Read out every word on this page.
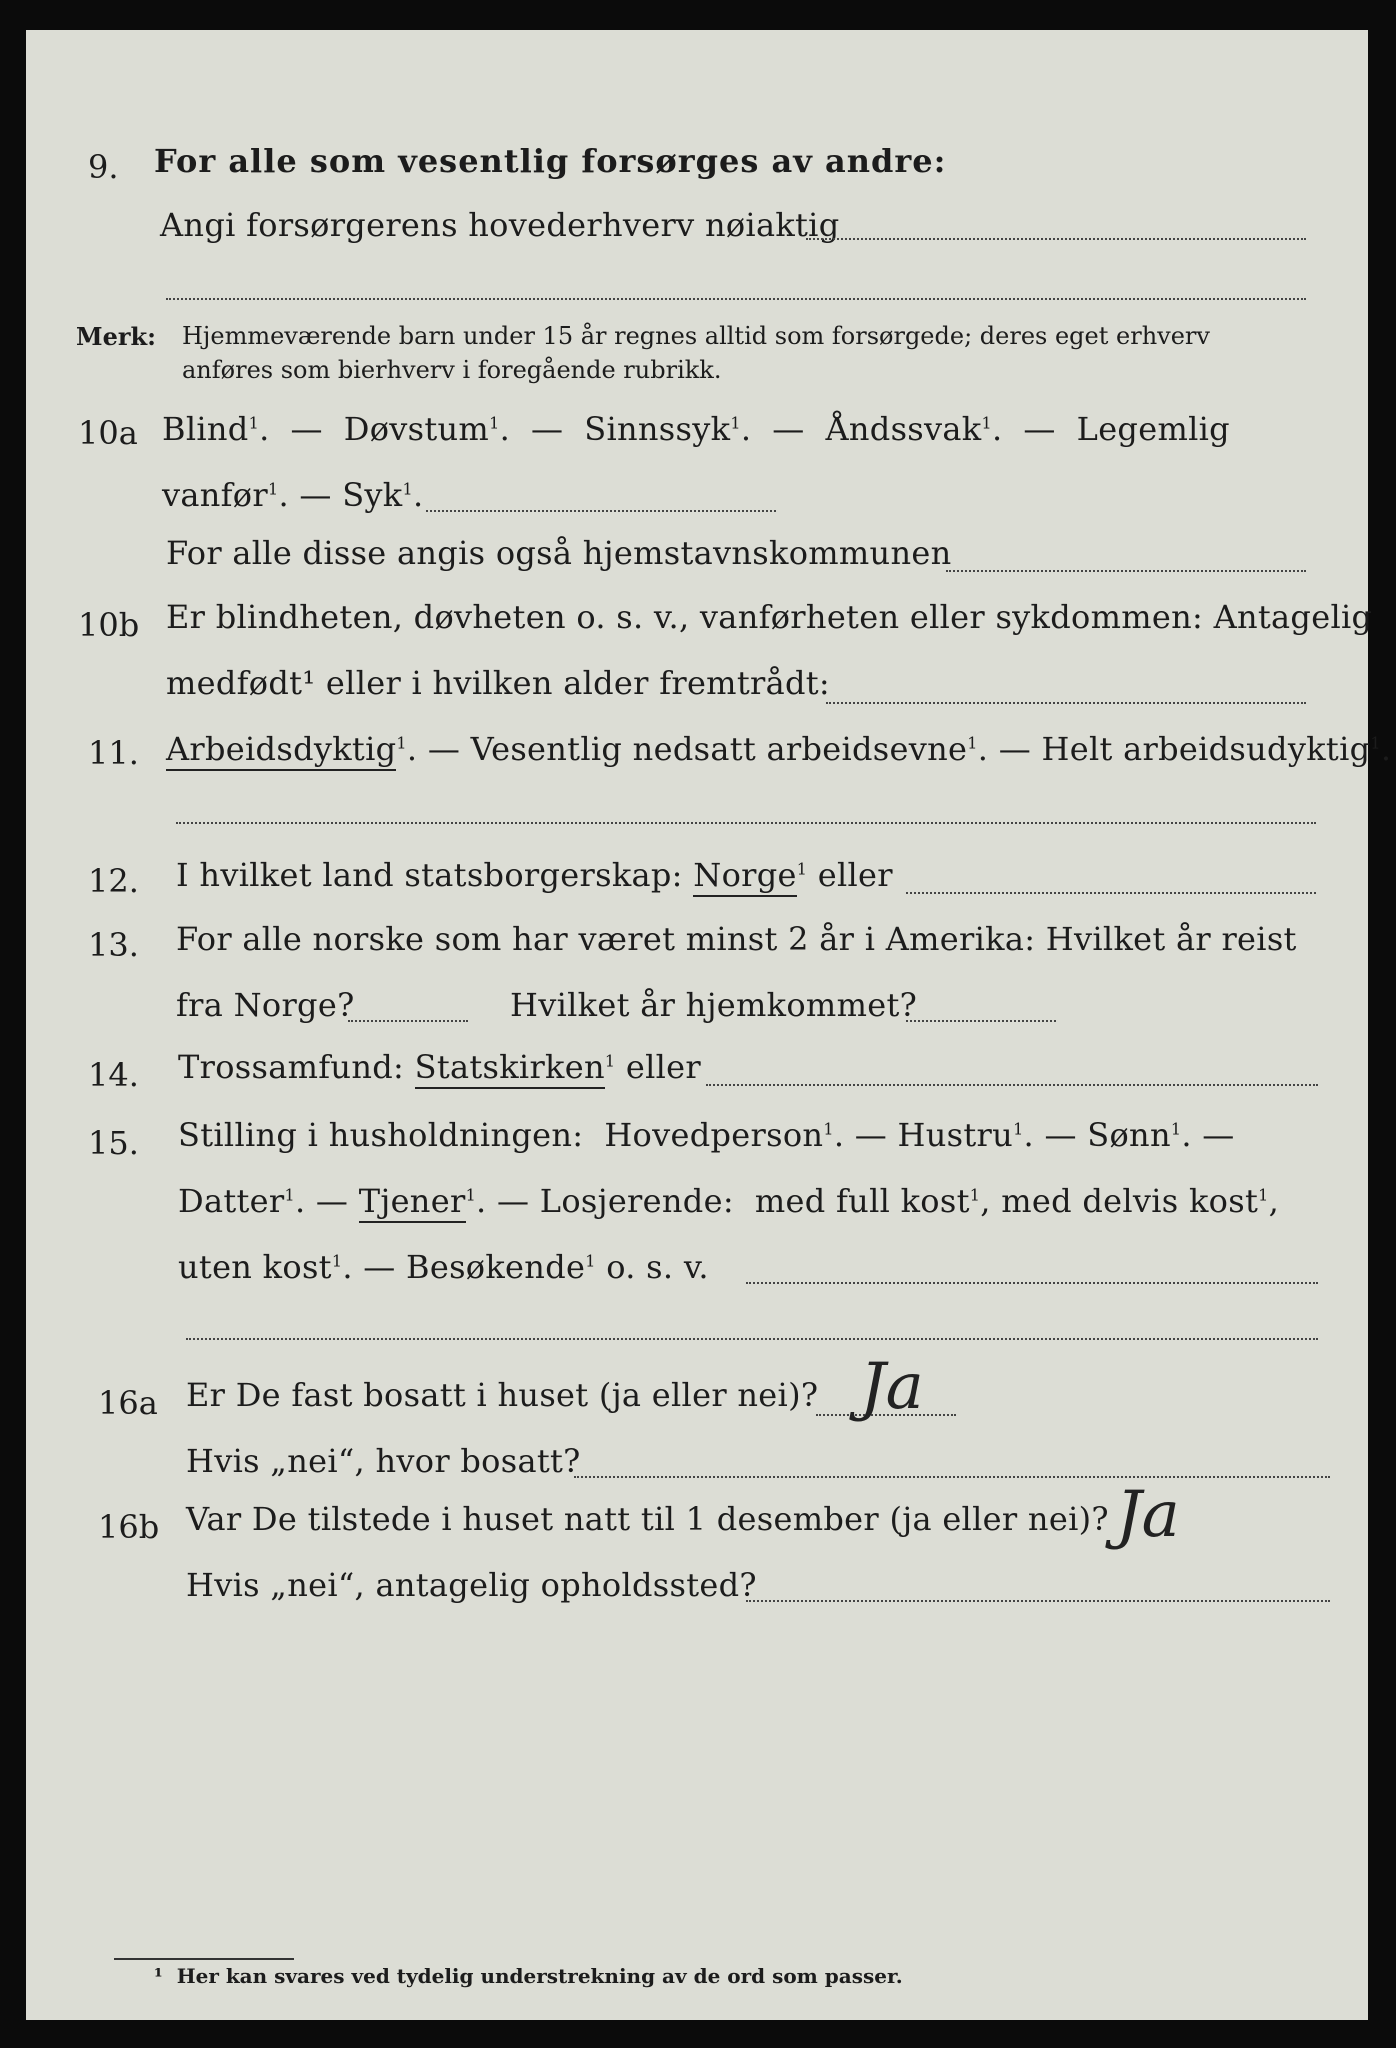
9. For alle som vesentlig forsørges av andre:
Angi forsørgerens hovederhverv nøiaktig
Merk: Hjemmeværende barn under 15 år regnes alltid som forsørgede; deres eget erhverv
anføres som bierhverv i foregående rubrikk.
10a Blind$^1$.  —  Døvstum$^1$.  —  Sinnssyk$^1$.  —  Åndssvak$^1$.  —  Legemlig
vanfør$^1$. — Syk$^1$.
For alle disse angis også hjemstavnskommunen
10b Er blindheten, døvheten o. s. v., vanførheten eller sykdommen: Antagelig
medfødt¹ eller i hvilken alder fremtrådt:
11. Arbeidsdyktig$^1$. — Vesentlig nedsatt arbeidsevne$^1$. — Helt arbeidsudyktig$^1$.
12. I hvilket land statsborgerskap: Norge$^1$ eller
13. For alle norske som har været minst 2 år i Amerika: Hvilket år reist
fra Norge?	Hvilket år hjemkommet?
14. Trossamfund: Statskirken$^1$ eller
15. Stilling i husholdningen: Hovedperson$^1$. — Hustru$^1$. — Sønn$^1$. —
Datter$^1$. — Tjener$^1$. — Losjerende: med full kost$^1$, med delvis kost$^1$,
uten kost$^1$. — Besøkende$^1$ o. s. v.
16a Er De fast bosatt i huset (ja eller nei)? Ja
Hvis „nei“, hvor bosatt?
16b Var De tilstede i huset natt til 1 desember (ja eller nei)? Ja
Hvis „nei“, antagelig opholdssted?
¹ Her kan svares ved tydelig understrekning av de ord som passer.
